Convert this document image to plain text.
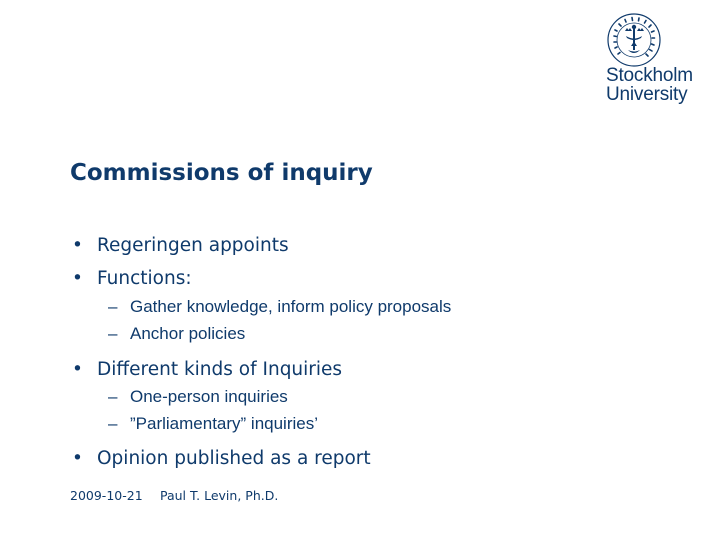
Stockholm
University
Commissions of inquiry
• Regeringen appoints
• Functions:
– Gather knowledge, inform policy proposals
– Anchor policies
• Different kinds of Inquiries
– One-person inquiries
– ”Parliamentary” inquiries’
• Opinion published as a report
2009-10-21 Paul T. Levin, Ph.D.
